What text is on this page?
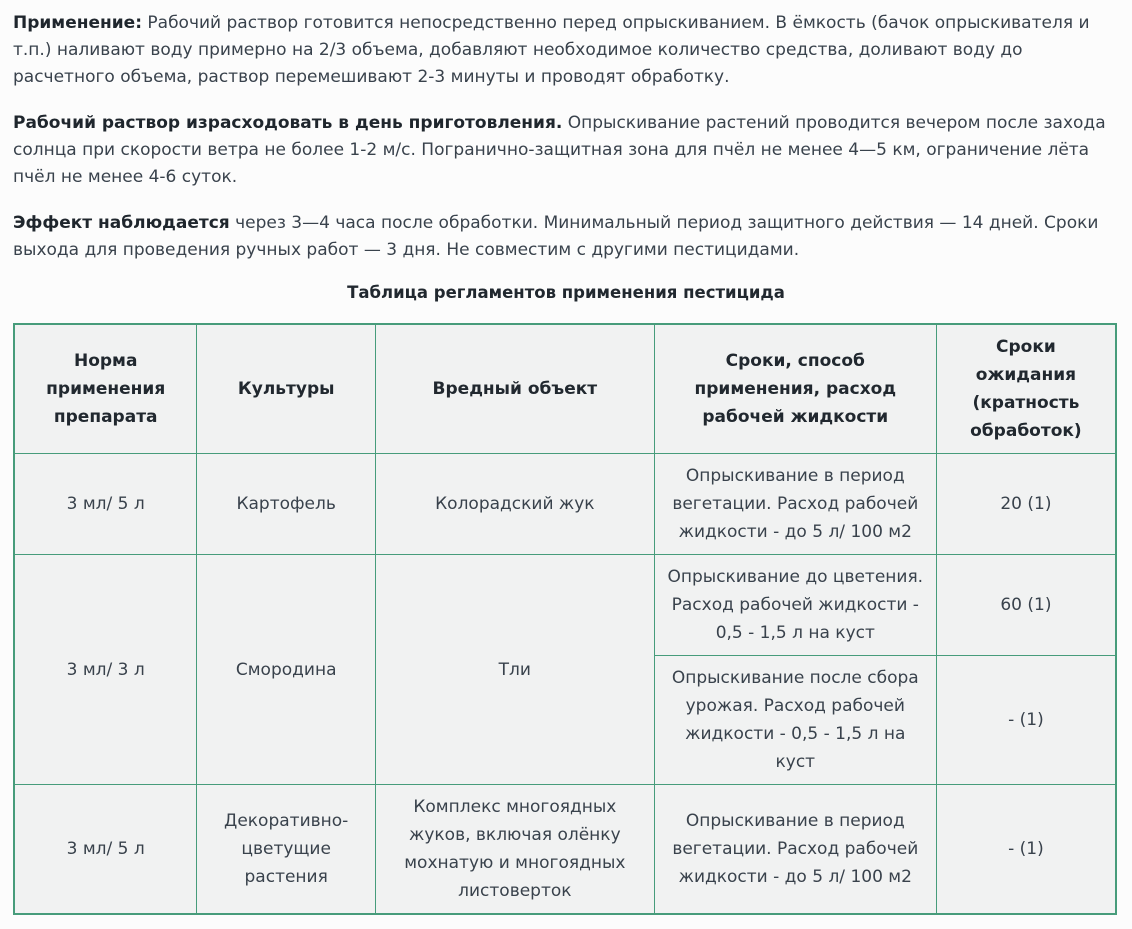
Применение: Рабочий раствор готовится непосредственно перед опрыскиванием. В ёмкость (бачок опрыскивателя и т.п.) наливают воду примерно на 2/3 объема, добавляют необходимое количество средства, доливают воду до расчетного объема, раствор перемешивают 2-3 минуты и проводят обработку.

Рабочий раствор израсходовать в день приготовления. Опрыскивание растений проводится вечером после захода солнца при скорости ветра не более 1-2 м/с. Погранично-защитная зона для пчёл не менее 4—5 км, ограничение лёта пчёл не менее 4-6 суток.

Эффект наблюдается через 3—4 часа после обработки. Минимальный период защитного действия — 14 дней. Сроки выхода для проведения ручных работ — 3 дня. Не совместим с другими пестицидами.

Таблица регламентов применения пестицида
Норма применения препарата	Культуры	Вредный объект	Сроки, способ применения, расход рабочей жидкости	Сроки ожидания (кратность обработок)
3 мл/ 5 л	Картофель	Колорадский жук	Опрыскивание в период вегетации. Расход рабочей жидкости - до 5 л/ 100 м2	20 (1)
3 мл/ 3 л	Смородина	Тли	Опрыскивание до цветения. Расход рабочей жидкости - 0,5 - 1,5 л на куст	60 (1)
			Опрыскивание после сбора урожая. Расход рабочей жидкости - 0,5 - 1,5 л на куст	- (1)
3 мл/ 5 л	Декоративно-цветущие растения	Комплекс многоядных жуков, включая олёнку мохнатую и многоядных листоверток	Опрыскивание в период вегетации. Расход рабочей жидкости - до 5 л/ 100 м2	- (1)
